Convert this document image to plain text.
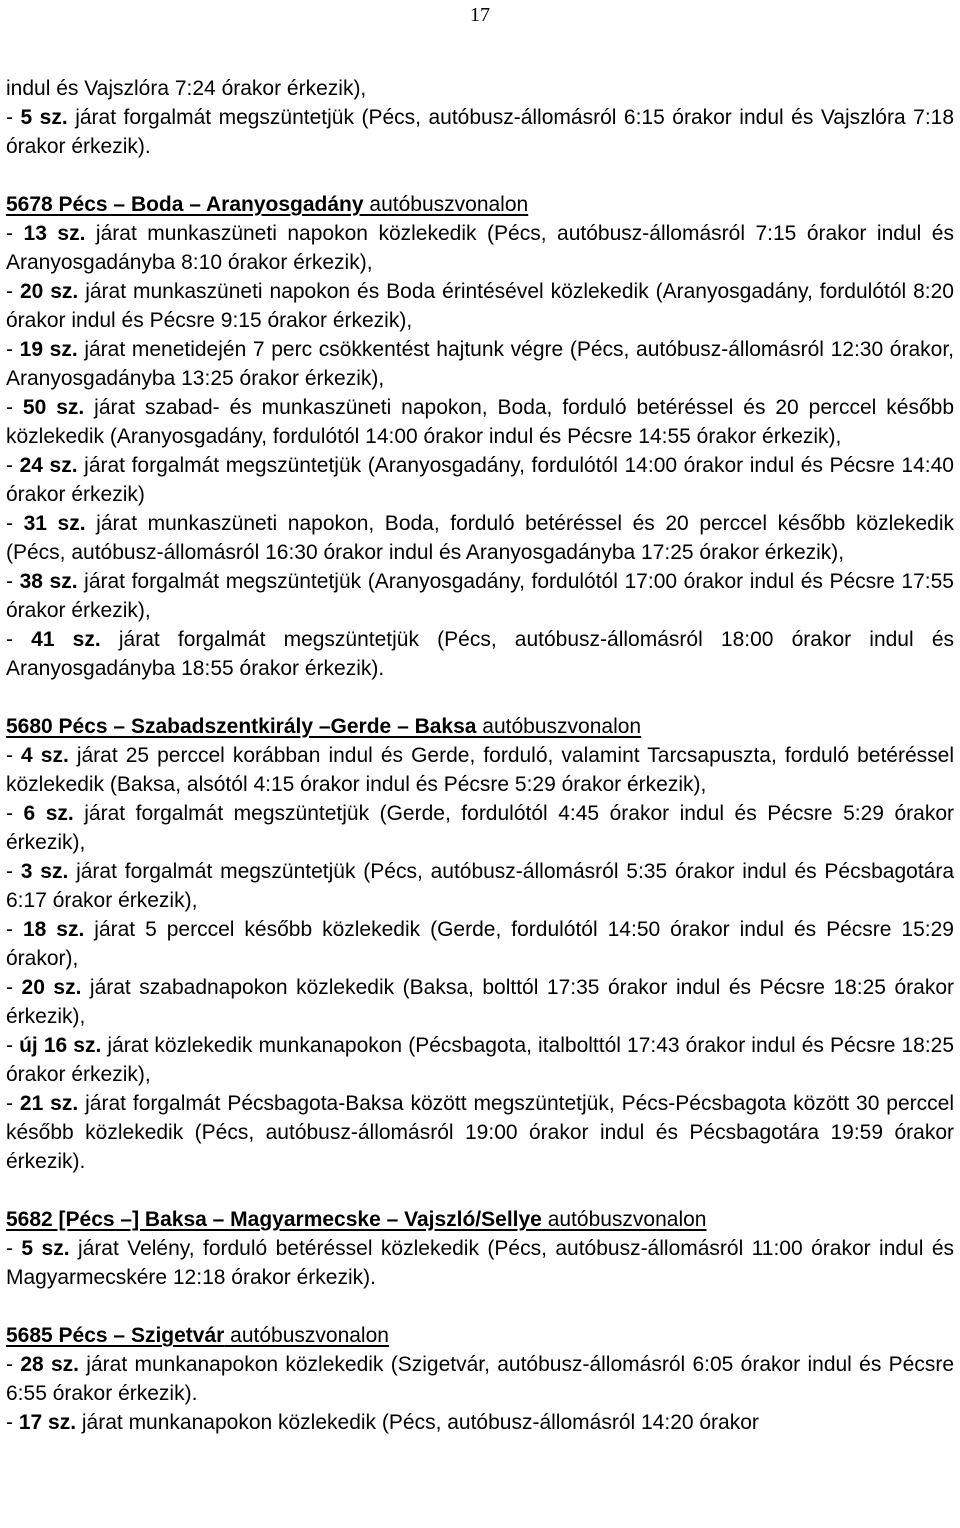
17

indul és Vajszlóra 7:24 órakor érkezik),

- 5 sz. járat forgalmát megszüntetjük (Pécs, autóbusz-állomásról 6:15 órakor indul és Vajszlóra 7:18 órakor érkezik).

5678 Pécs – Boda – Aranyosgadány autóbuszvonalon

- 13 sz. járat munkaszüneti napokon közlekedik (Pécs, autóbusz-állomásról 7:15 órakor indul és Aranyosgadányba 8:10 órakor érkezik),

- 20 sz. járat munkaszüneti napokon és Boda érintésével közlekedik (Aranyosgadány, fordulótól 8:20 órakor indul és Pécsre 9:15 órakor érkezik),

- 19 sz. járat menetidején 7 perc csökkentést hajtunk végre (Pécs, autóbusz-állomásról 12:30 órakor, Aranyosgadányba 13:25 órakor érkezik),

- 50 sz. járat szabad- és munkaszüneti napokon, Boda, forduló betéréssel és 20 perccel később közlekedik (Aranyosgadány, fordulótól 14:00 órakor indul és Pécsre 14:55 órakor érkezik),

- 24 sz. járat forgalmát megszüntetjük (Aranyosgadány, fordulótól 14:00 órakor indul és Pécsre 14:40 órakor érkezik)

- 31 sz. járat munkaszüneti napokon, Boda, forduló betéréssel és 20 perccel később közlekedik (Pécs, autóbusz-állomásról 16:30 órakor indul és Aranyosgadányba 17:25 órakor érkezik),

- 38 sz. járat forgalmát megszüntetjük (Aranyosgadány, fordulótól 17:00 órakor indul és Pécsre 17:55 órakor érkezik),

- 41 sz. járat forgalmát megszüntetjük (Pécs, autóbusz-állomásról 18:00 órakor indul és Aranyosgadányba 18:55 órakor érkezik).

5680 Pécs – Szabadszentkirály –Gerde – Baksa autóbuszvonalon

- 4 sz. járat 25 perccel korábban indul és Gerde, forduló, valamint Tarcsapuszta, forduló betéréssel közlekedik (Baksa, alsótól 4:15 órakor indul és Pécsre 5:29 órakor érkezik),

- 6 sz. járat forgalmát megszüntetjük (Gerde, fordulótól 4:45 órakor indul és Pécsre 5:29 órakor érkezik),

- 3 sz. járat forgalmát megszüntetjük (Pécs, autóbusz-állomásról 5:35 órakor indul és Pécsbagotára 6:17 órakor érkezik),

- 18 sz. járat 5 perccel később közlekedik (Gerde, fordulótól 14:50 órakor indul és Pécsre 15:29 órakor),

- 20 sz. járat szabadnapokon közlekedik (Baksa, bolttól 17:35 órakor indul és Pécsre 18:25 órakor érkezik),

- új 16 sz. járat közlekedik munkanapokon (Pécsbagota, italbolttól 17:43 órakor indul és Pécsre 18:25 órakor érkezik),

- 21 sz. járat forgalmát Pécsbagota-Baksa között megszüntetjük, Pécs-Pécsbagota között 30 perccel később közlekedik (Pécs, autóbusz-állomásról 19:00 órakor indul és Pécsbagotára 19:59 órakor érkezik).

5682 [Pécs –] Baksa – Magyarmecske – Vajszló/Sellye autóbuszvonalon

- 5 sz. járat Velény, forduló betéréssel közlekedik (Pécs, autóbusz-állomásról 11:00 órakor indul és Magyarmecskére 12:18 órakor érkezik).

5685 Pécs – Szigetvár autóbuszvonalon

- 28 sz. járat munkanapokon közlekedik (Szigetvár, autóbusz-állomásról 6:05 órakor indul és Pécsre 6:55 órakor érkezik).

- 17 sz. járat munkanapokon közlekedik (Pécs, autóbusz-állomásról 14:20 órakor
